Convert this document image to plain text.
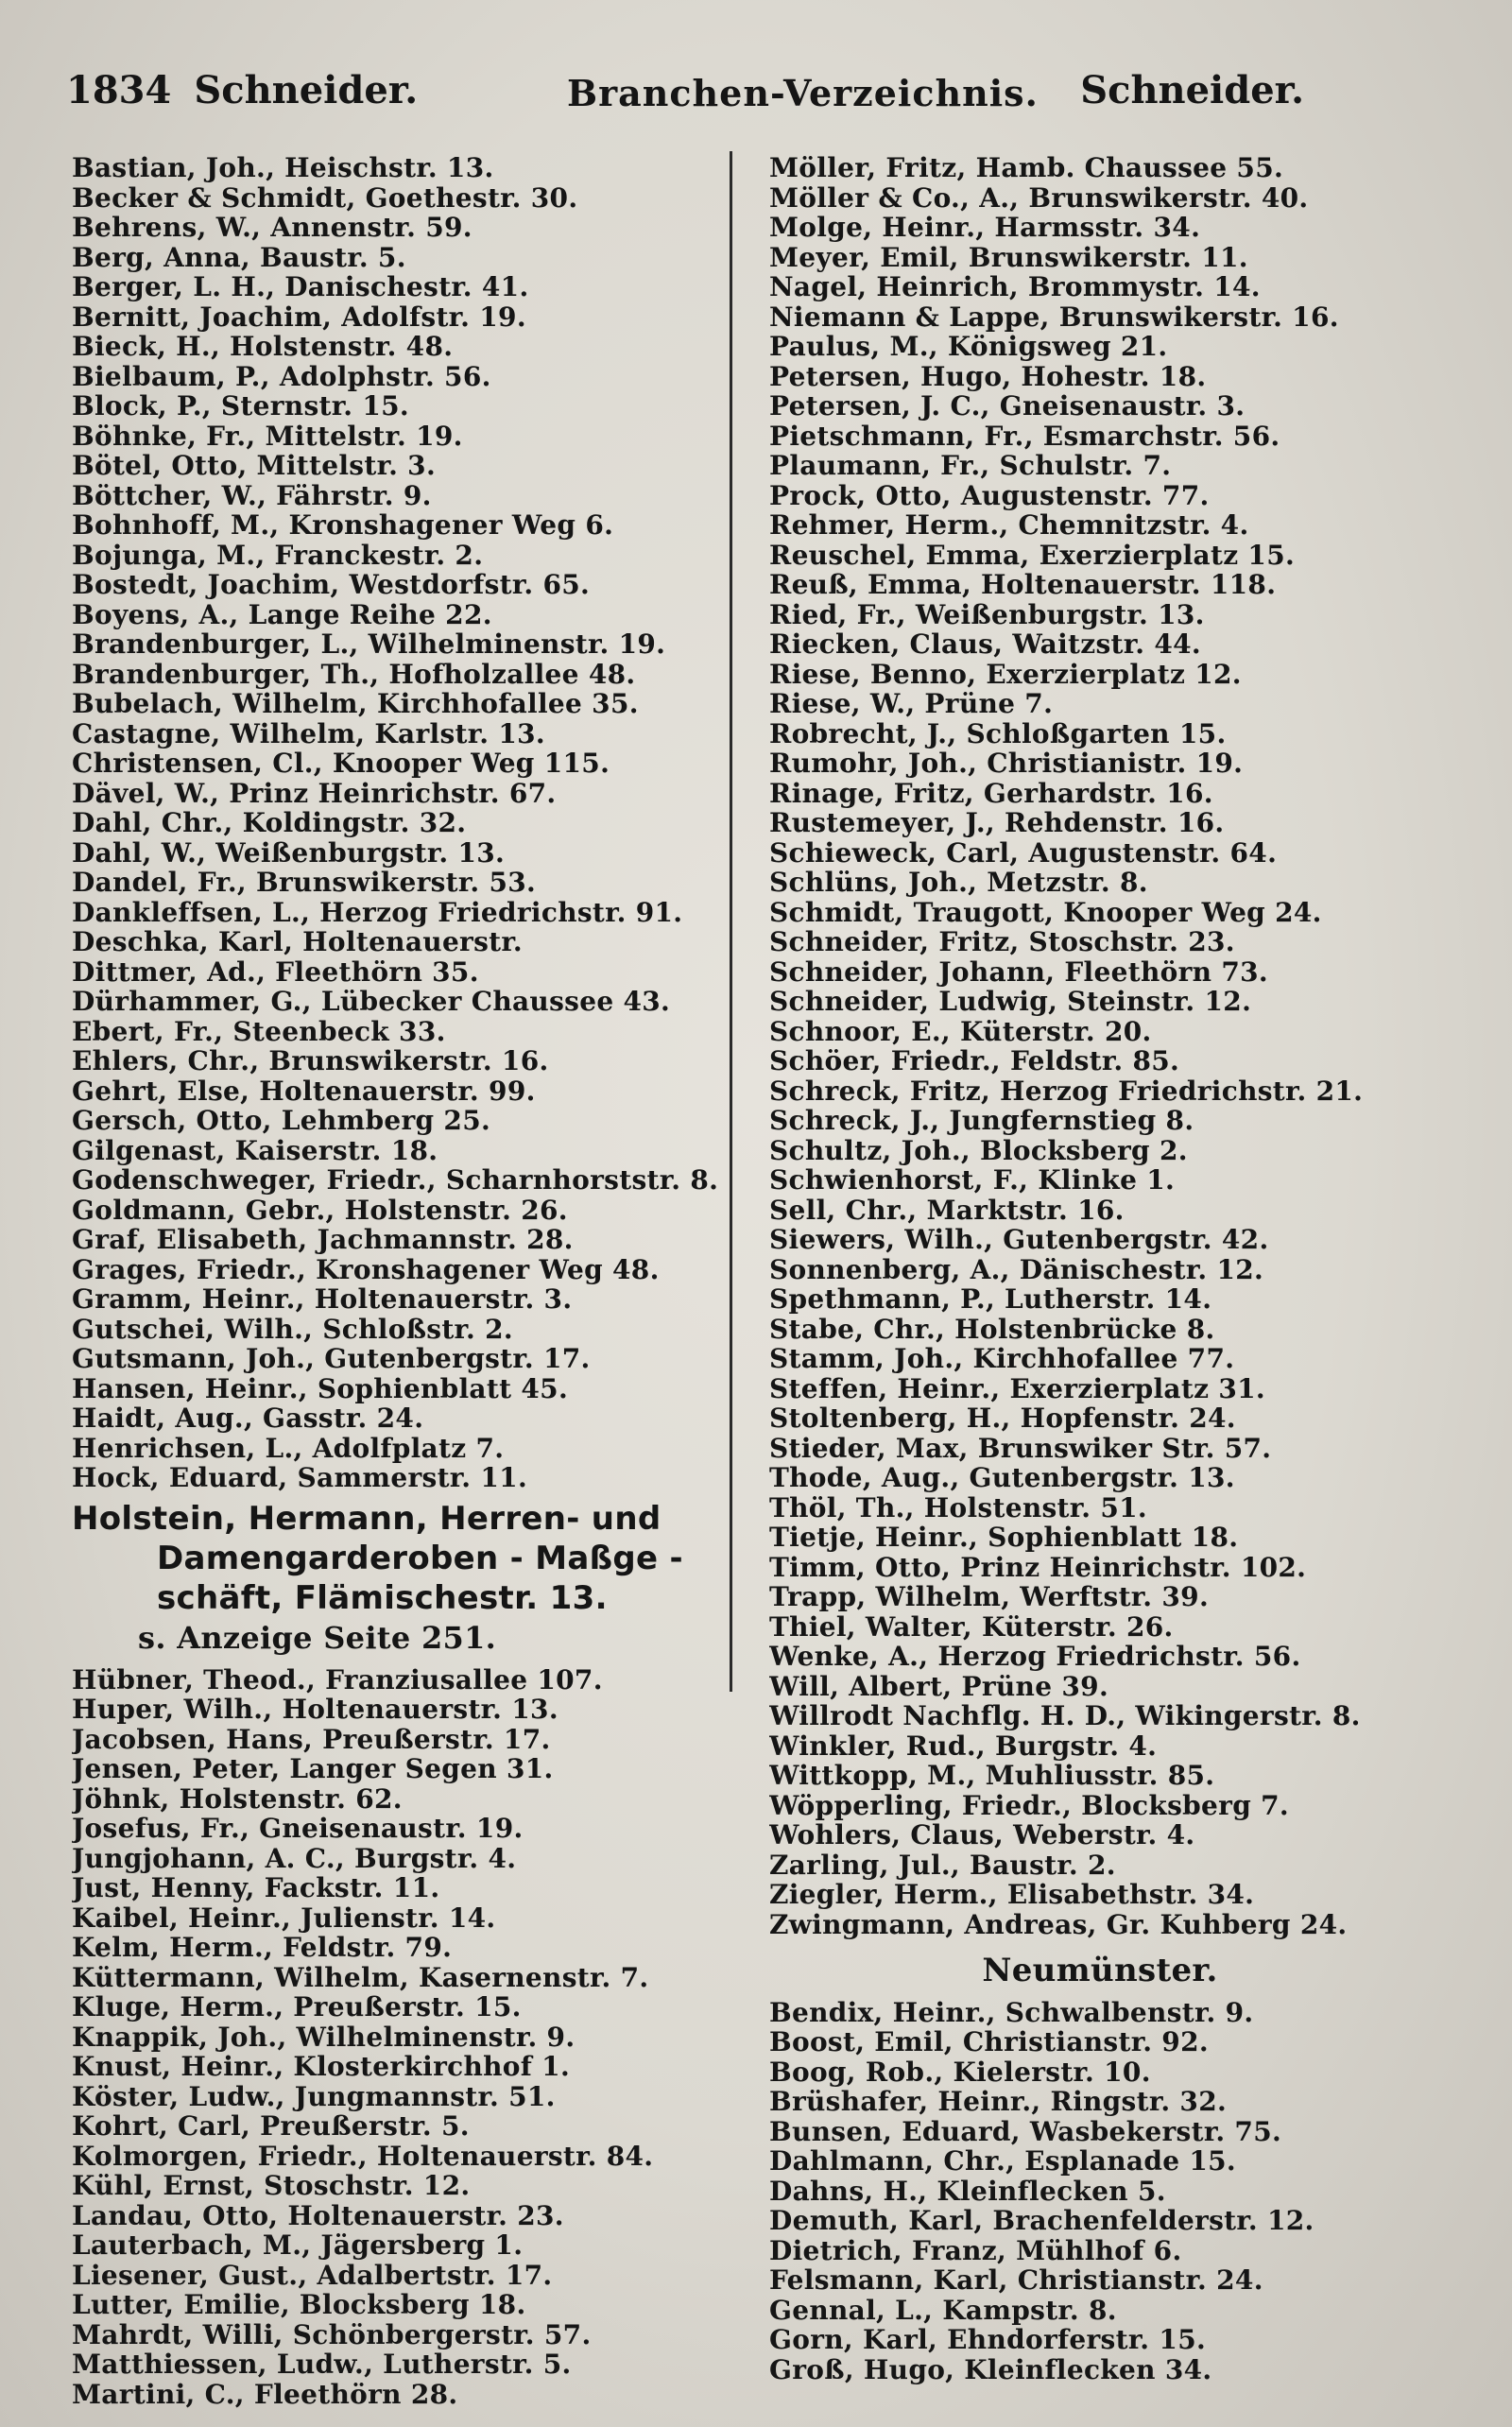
1834 Schneider.	Branchen-Verzeichnis. Schneider.
Bastian, Joh., Heischstr. 13.
Becker & Schmidt, Goethestr. 30.
Behrens, W., Annenstr. 59.
Berg, Anna, Baustr. 5.
Berger, L. H., Danischestr. 41.
Bernitt, Joachim, Adolfstr. 19.
Bieck, H., Holstenstr. 48.
Bielbaum, P., Adolphstr. 56.
Block, P., Sternstr. 15.
Böhnke, Fr., Mittelstr. 19.
Bötel, Otto, Mittelstr. 3.
Böttcher, W., Fährstr. 9.
Bohnhoff, M., Kronshagener Weg 6.
Bojunga, M., Franckestr. 2.
Bostedt, Joachim, Westdorfstr. 65.
Boyens, A., Lange Reihe 22.
Brandenburger, L., Wilhelminenstr. 19.
Brandenburger, Th., Hofholzallee 48.
Bubelach, Wilhelm, Kirchhofallee 35.
Castagne, Wilhelm, Karlstr. 13.
Christensen, Cl., Knooper Weg 115.
Dävel, W., Prinz Heinrichstr. 67.
Dahl, Chr., Koldingstr. 32.
Dahl, W., Weißenburgstr. 13.
Dandel, Fr., Brunswikerstr. 53.
Dankleffsen, L., Herzog Friedrichstr. 91.
Deschka, Karl, Holtenauerstr.
Dittmer, Ad., Fleethörn 35.
Dürhammer, G., Lübecker Chaussee 43.
Ebert, Fr., Steenbeck 33.
Ehlers, Chr., Brunswikerstr. 16.
Gehrt, Else, Holtenauerstr. 99.
Gersch, Otto, Lehmberg 25.
Gilgenast, Kaiserstr. 18.
Godenschweger, Friedr., Scharnhorststr. 8.
Goldmann, Gebr., Holstenstr. 26.
Graf, Elisabeth, Jachmannstr. 28.
Grages, Friedr., Kronshagener Weg 48.
Gramm, Heinr., Holtenauerstr. 3.
Gutschei, Wilh., Schloßstr. 2.
Gutsmann, Joh., Gutenbergstr. 17.
Hansen, Heinr., Sophienblatt 45.
Haidt, Aug., Gasstr. 24.
Henrichsen, L., Adolfplatz 7.
Hock, Eduard, Sammerstr. 11.
Holstein, Hermann, Herren- und
Damengarderoben - Maßge -
schäft, Flämischestr. 13.
s. Anzeige Seite 251.
Hübner, Theod., Franziusallee 107.
Huper, Wilh., Holtenauerstr. 13.
Jacobsen, Hans, Preußerstr. 17.
Jensen, Peter, Langer Segen 31.
Jöhnk, Holstenstr. 62.
Josefus, Fr., Gneisenaustr. 19.
Jungjohann, A. C., Burgstr. 4.
Just, Henny, Fackstr. 11.
Kaibel, Heinr., Julienstr. 14.
Kelm, Herm., Feldstr. 79.
Küttermann, Wilhelm, Kasernenstr. 7.
Kluge, Herm., Preußerstr. 15.
Knappik, Joh., Wilhelminenstr. 9.
Knust, Heinr., Klosterkirchhof 1.
Köster, Ludw., Jungmannstr. 51.
Kohrt, Carl, Preußerstr. 5.
Kolmorgen, Friedr., Holtenauerstr. 84.
Kühl, Ernst, Stoschstr. 12.
Landau, Otto, Holtenauerstr. 23.
Lauterbach, M., Jägersberg 1.
Liesener, Gust., Adalbertstr. 17.
Lutter, Emilie, Blocksberg 18.
Mahrdt, Willi, Schönbergerstr. 57.
Matthiessen, Ludw., Lutherstr. 5.
Martini, C., Fleethörn 28.
Möller, Fritz, Hamb. Chaussee 55.
Möller & Co., A., Brunswikerstr. 40.
Molge, Heinr., Harmsstr. 34.
Meyer, Emil, Brunswikerstr. 11.
Nagel, Heinrich, Brommystr. 14.
Niemann & Lappe, Brunswikerstr. 16.
Paulus, M., Königsweg 21.
Petersen, Hugo, Hohestr. 18.
Petersen, J. C., Gneisenaustr. 3.
Pietschmann, Fr., Esmarchstr. 56.
Plaumann, Fr., Schulstr. 7.
Prock, Otto, Augustenstr. 77.
Rehmer, Herm., Chemnitzstr. 4.
Reuschel, Emma, Exerzierplatz 15.
Reuß, Emma, Holtenauerstr. 118.
Ried, Fr., Weißenburgstr. 13.
Riecken, Claus, Waitzstr. 44.
Riese, Benno, Exerzierplatz 12.
Riese, W., Prüne 7.
Robrecht, J., Schloßgarten 15.
Rumohr, Joh., Christianistr. 19.
Rinage, Fritz, Gerhardstr. 16.
Rustemeyer, J., Rehdenstr. 16.
Schieweck, Carl, Augustenstr. 64.
Schlüns, Joh., Metzstr. 8.
Schmidt, Traugott, Knooper Weg 24.
Schneider, Fritz, Stoschstr. 23.
Schneider, Johann, Fleethörn 73.
Schneider, Ludwig, Steinstr. 12.
Schnoor, E., Küterstr. 20.
Schöer, Friedr., Feldstr. 85.
Schreck, Fritz, Herzog Friedrichstr. 21.
Schreck, J., Jungfernstieg 8.
Schultz, Joh., Blocksberg 2.
Schwienhorst, F., Klinke 1.
Sell, Chr., Marktstr. 16.
Siewers, Wilh., Gutenbergstr. 42.
Sonnenberg, A., Dänischestr. 12.
Spethmann, P., Lutherstr. 14.
Stabe, Chr., Holstenbrücke 8.
Stamm, Joh., Kirchhofallee 77.
Steffen, Heinr., Exerzierplatz 31.
Stoltenberg, H., Hopfenstr. 24.
Stieder, Max, Brunswiker Str. 57.
Thode, Aug., Gutenbergstr. 13.
Thöl, Th., Holstenstr. 51.
Tietje, Heinr., Sophienblatt 18.
Timm, Otto, Prinz Heinrichstr. 102.
Trapp, Wilhelm, Werftstr. 39.
Thiel, Walter, Küterstr. 26.
Wenke, A., Herzog Friedrichstr. 56.
Will, Albert, Prüne 39.
Willrodt Nachflg. H. D., Wikingerstr. 8.
Winkler, Rud., Burgstr. 4.
Wittkopp, M., Muhliusstr. 85.
Wöpperling, Friedr., Blocksberg 7.
Wohlers, Claus, Weberstr. 4.
Zarling, Jul., Baustr. 2.
Ziegler, Herm., Elisabethstr. 34.
Zwingmann, Andreas, Gr. Kuhberg 24.
Neumünster.
Bendix, Heinr., Schwalbenstr. 9.
Boost, Emil, Christianstr. 92.
Boog, Rob., Kielerstr. 10.
Brüshafer, Heinr., Ringstr. 32.
Bunsen, Eduard, Wasbekerstr. 75.
Dahlmann, Chr., Esplanade 15.
Dahns, H., Kleinflecken 5.
Demuth, Karl, Brachenfelderstr. 12.
Dietrich, Franz, Mühlhof 6.
Felsmann, Karl, Christianstr. 24.
Gennal, L., Kampstr. 8.
Gorn, Karl, Ehndorferstr. 15.
Groß, Hugo, Kleinflecken 34.
